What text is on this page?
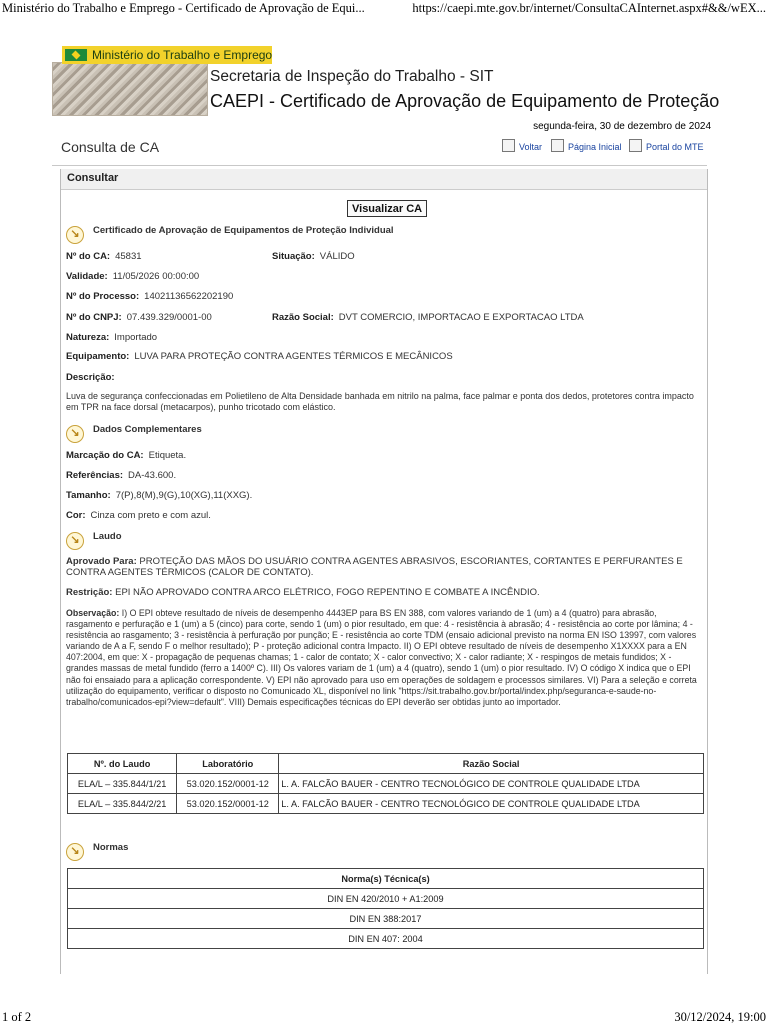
Ministério do Trabalho e Emprego - Certificado de Aprovação de Equi...	https://caepi.mte.gov.br/internet/ConsultaCAInternet.aspx#&&/wEX...
Ministério do Trabalho e Emprego
Secretaria de Inspeção do Trabalho - SIT
CAEPI - Certificado de Aprovação de Equipamento de Proteção
segunda-feira, 30 de dezembro de 2024
Consulta de CA	Voltar	Página Inicial	Portal do MTE
Consultar
Visualizar CA
↘ Certificado de Aprovação de Equipamentos de Proteção Individual
Nº do CA: 45831	Situação: VÁLIDO
Validade: 11/05/2026 00:00:00
Nº do Processo: 14021136562202190
Nº do CNPJ: 07.439.329/0001-00	Razão Social: DVT COMERCIO, IMPORTACAO E EXPORTACAO LTDA
Natureza: Importado
Equipamento: LUVA PARA PROTEÇÃO CONTRA AGENTES TÉRMICOS E MECÂNICOS
Descrição:
Luva de segurança confeccionadas em Polietileno de Alta Densidade banhada em nitrilo na palma, face palmar e ponta dos dedos, protetores contra impacto em TPR na face dorsal (metacarpos), punho tricotado com elástico.
↘ Dados Complementares
Marcação do CA: Etiqueta.
Referências: DA-43.600.
Tamanho: 7(P),8(M),9(G),10(XG),11(XXG).
Cor: Cinza com preto e com azul.
↘ Laudo
Aprovado Para: PROTEÇÃO DAS MÃOS DO USUÁRIO CONTRA AGENTES ABRASIVOS, ESCORIANTES, CORTANTES E PERFURANTES E CONTRA AGENTES TÉRMICOS (CALOR DE CONTATO).
Restrição: EPI NÃO APROVADO CONTRA ARCO ELÉTRICO, FOGO REPENTINO E COMBATE A INCÊNDIO.
Observação: I) O EPI obteve resultado de níveis de desempenho 4443EP para BS EN 388, com valores variando de 1 (um) a 4 (quatro) para abrasão, rasgamento e perfuração e 1 (um) a 5 (cinco) para corte, sendo 1 (um) o pior resultado, em que: 4 - resistência à abrasão; 4 - resistência ao corte por lâmina; 4 - resistência ao rasgamento; 3 - resistência à perfuração por punção; E - resistência ao corte TDM (ensaio adicional previsto na norma EN ISO 13997, com valores variando de A a F, sendo F o melhor resultado); P - proteção adicional contra Impacto. II) O EPI obteve resultado de níveis de desempenho X1XXXX para a EN 407:2004, em que: X - propagação de pequenas chamas; 1 - calor de contato; X - calor convectivo; X - calor radiante; X - respingos de metais fundidos; X - grandes massas de metal fundido (ferro a 1400º C). III) Os valores variam de 1 (um) a 4 (quatro), sendo 1 (um) o pior resultado. IV) O código X indica que o EPI não foi ensaiado para a aplicação correspondente. V) EPI não aprovado para uso em operações de soldagem e processos similares. VI) Para a seleção e correta utilização do equipamento, verificar o disposto no Comunicado XL, disponível no link "https://sit.trabalho.gov.br/portal/index.php/seguranca-e-saude-no-trabalho/comunicados-epi?view=default". VIII) Demais especificações técnicas do EPI deverão ser obtidas junto ao importador.
Nº. do Laudo	Laboratório	Razão Social
ELA/L – 335.844/1/21	53.020.152/0001-12	L. A. FALCÃO BAUER - CENTRO TECNOLÓGICO DE CONTROLE QUALIDADE LTDA
ELA/L – 335.844/2/21	53.020.152/0001-12	L. A. FALCÃO BAUER - CENTRO TECNOLÓGICO DE CONTROLE QUALIDADE LTDA
↘ Normas
Norma(s) Técnica(s)
DIN EN 420/2010 + A1:2009
DIN EN 388:2017
DIN EN 407: 2004
1 of 2	30/12/2024, 19:00
